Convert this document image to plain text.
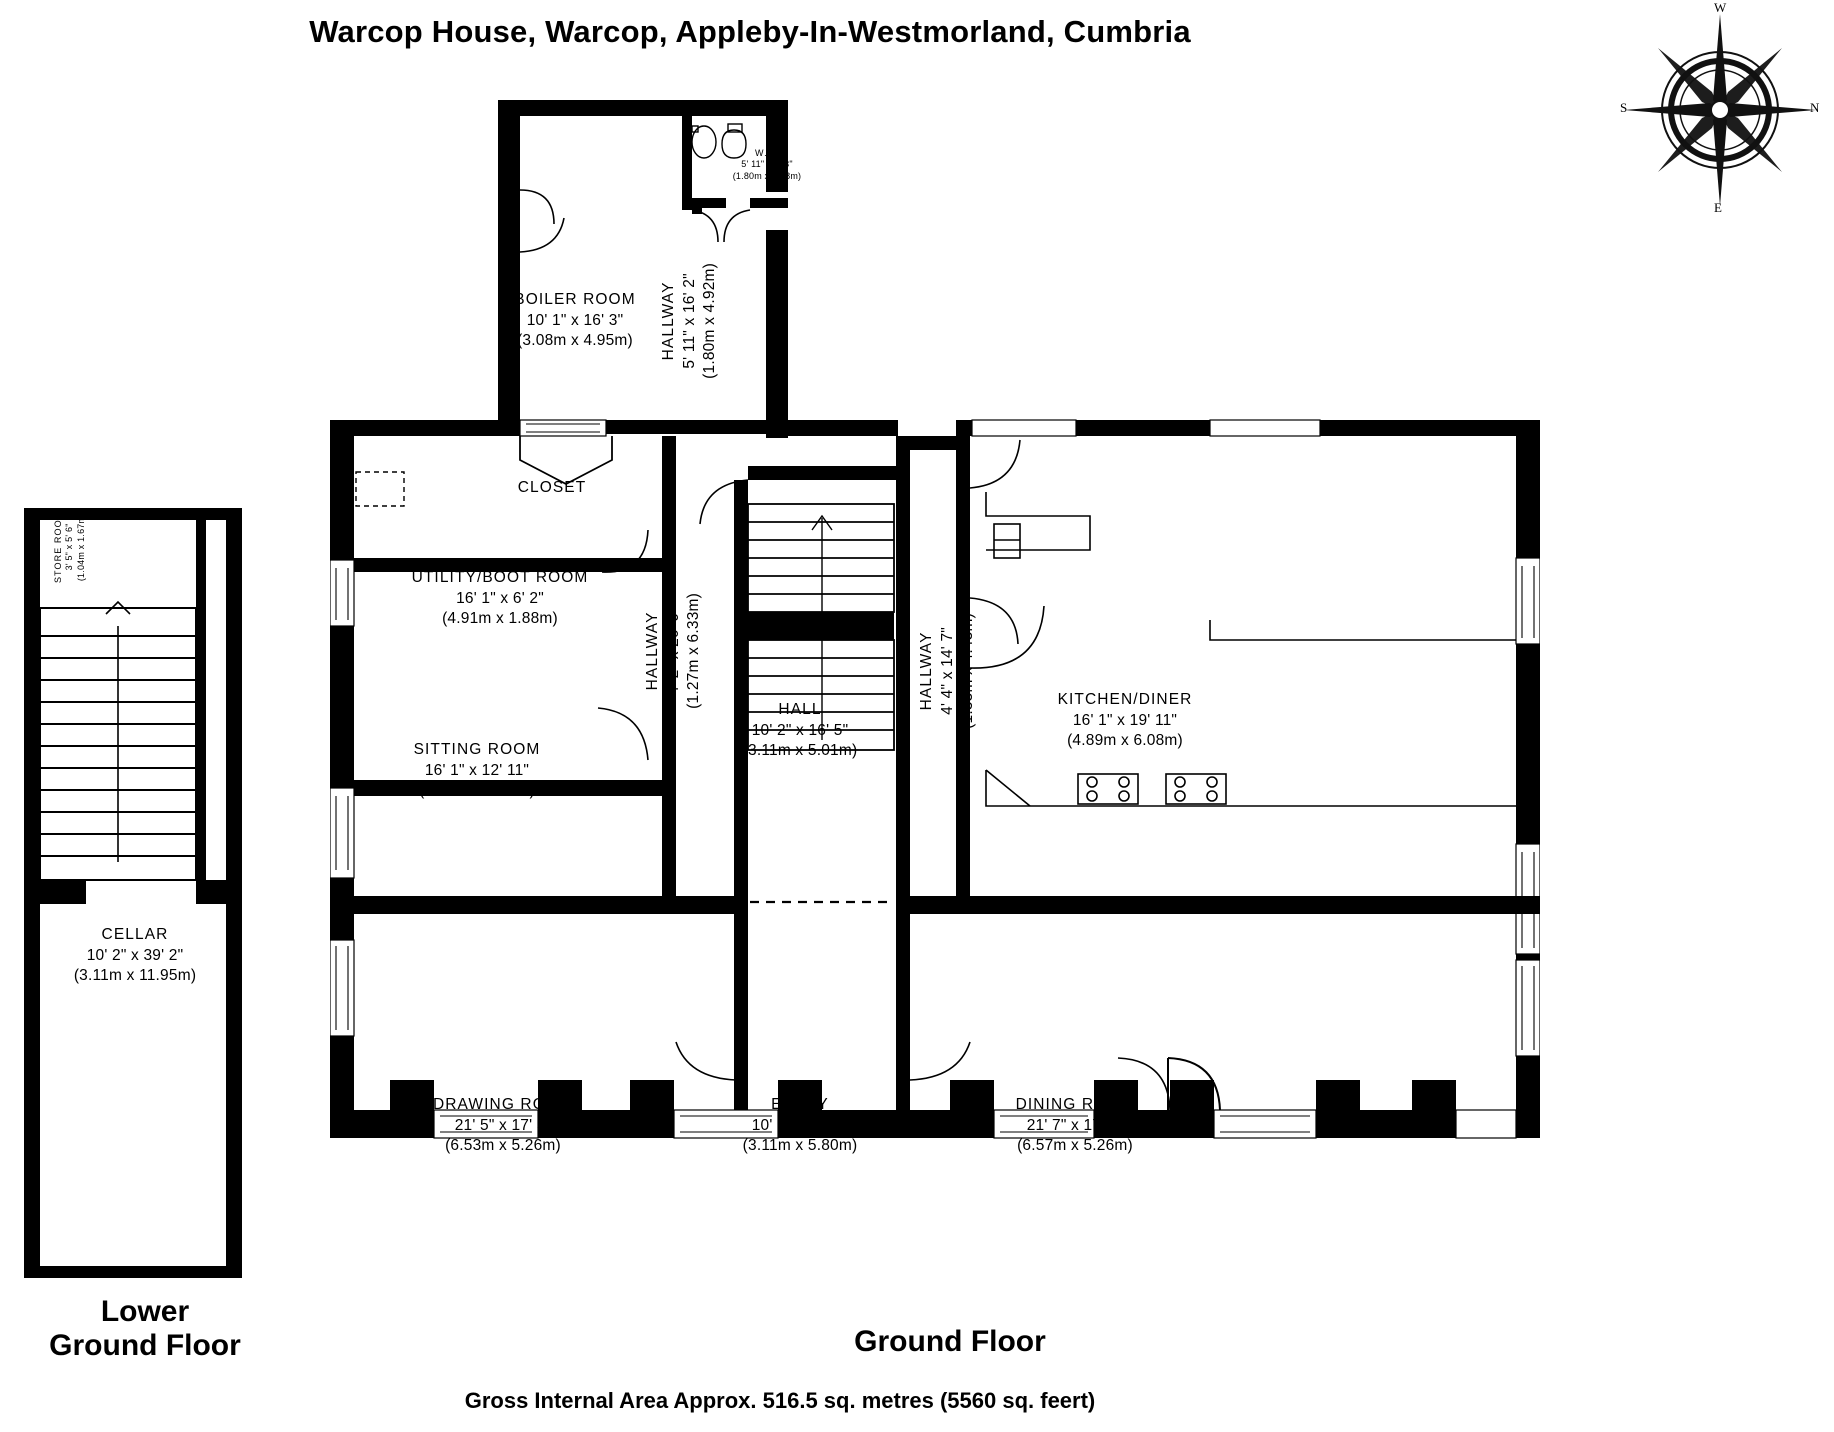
Warcop House, Warcop, Appleby-In-Westmorland, Cumbria
W
N
E
S
STORE ROOM 3' 5" x 5' 6" (1.04m x 1.67m)
CELLAR
10' 2" x 39' 2"
(3.11m x 11.95m)
Lower
Ground Floor
W.C.
5' 11" x 4' 3"
(1.80m x 1.28m)
BOILER ROOM
10' 1" x 16' 3"
(3.08m x 4.95m)	HALLWAY 5' 11" x 16' 2" (1.80m x 4.92m)
CLOSET
UTILITY/BOOT ROOM
16' 1" x 6' 2"
(4.91m x 1.88m)
SITTING ROOM
16' 1" x 12' 11"
(4.91m x 3.94m)
HALLWAY 4' 2" x 20' 9" (1.27m x 6.33m)
HALL
10' 2" x 16' 5"
(3.11m x 5.01m)
HALLWAY 4' 4" x 14' 7" (1.33m x 4.43m)	KITCHEN/DINER
16' 1" x 19' 11"
(4.89m x 6.08m)
DRAWING ROOM
21' 5" x 17' 3"
(6.53m x 5.26m)
ENTRY
10' 2" x 19' 0"
(3.11m x 5.80m)
DINING ROOM
21' 7" x 17' 3"
(6.57m x 5.26m)
Ground Floor
Gross Internal Area Approx. 516.5 sq. metres (5560 sq. feert)
